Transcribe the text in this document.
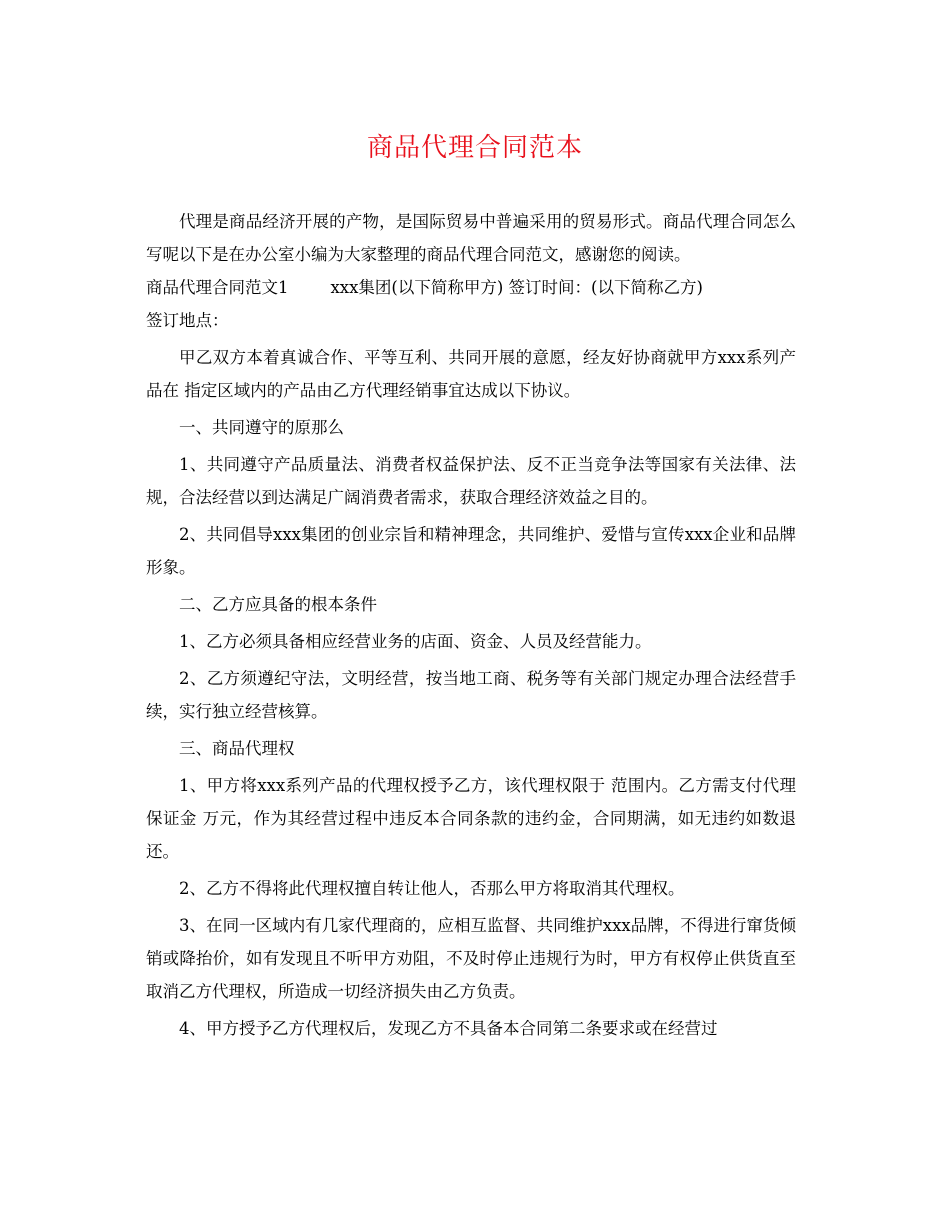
商品代理合同范本

代理是商品经济开展的产物，是国际贸易中普遍采用的贸易形式。商品代理合同怎么写呢以下是在办公室小编为大家整理的商品代理合同范文，感谢您的阅读。

商品代理合同范文1	xxx集团(以下简称甲方) 签订时间：(以下简称乙方)

签订地点：

甲乙双方本着真诚合作、平等互利、共同开展的意愿，经友好协商就甲方xxx系列产品在 指定区域内的产品由乙方代理经销事宜达成以下协议。

一、共同遵守的原那么

1、共同遵守产品质量法、消费者权益保护法、反不正当竞争法等国家有关法律、法规，合法经营以到达满足广阔消费者需求，获取合理经济效益之目的。

2、共同倡导xxx集团的创业宗旨和精神理念，共同维护、爱惜与宣传xxx企业和品牌形象。

二、乙方应具备的根本条件

1、乙方必须具备相应经营业务的店面、资金、人员及经营能力。

2、乙方须遵纪守法，文明经营，按当地工商、税务等有关部门规定办理合法经营手续，实行独立经营核算。

三、商品代理权

1、甲方将xxx系列产品的代理权授予乙方，该代理权限于 范围内。乙方需支付代理保证金 万元，作为其经营过程中违反本合同条款的违约金，合同期满，如无违约如数退还。

2、乙方不得将此代理权擅自转让他人，否那么甲方将取消其代理权。

3、在同一区域内有几家代理商的，应相互监督、共同维护xxx品牌，不得进行窜货倾销或降抬价，如有发现且不听甲方劝阻，不及时停止违规行为时，甲方有权停止供货直至取消乙方代理权，所造成一切经济损失由乙方负责。

4、甲方授予乙方代理权后，发现乙方不具备本合同第二条要求或在经营过
